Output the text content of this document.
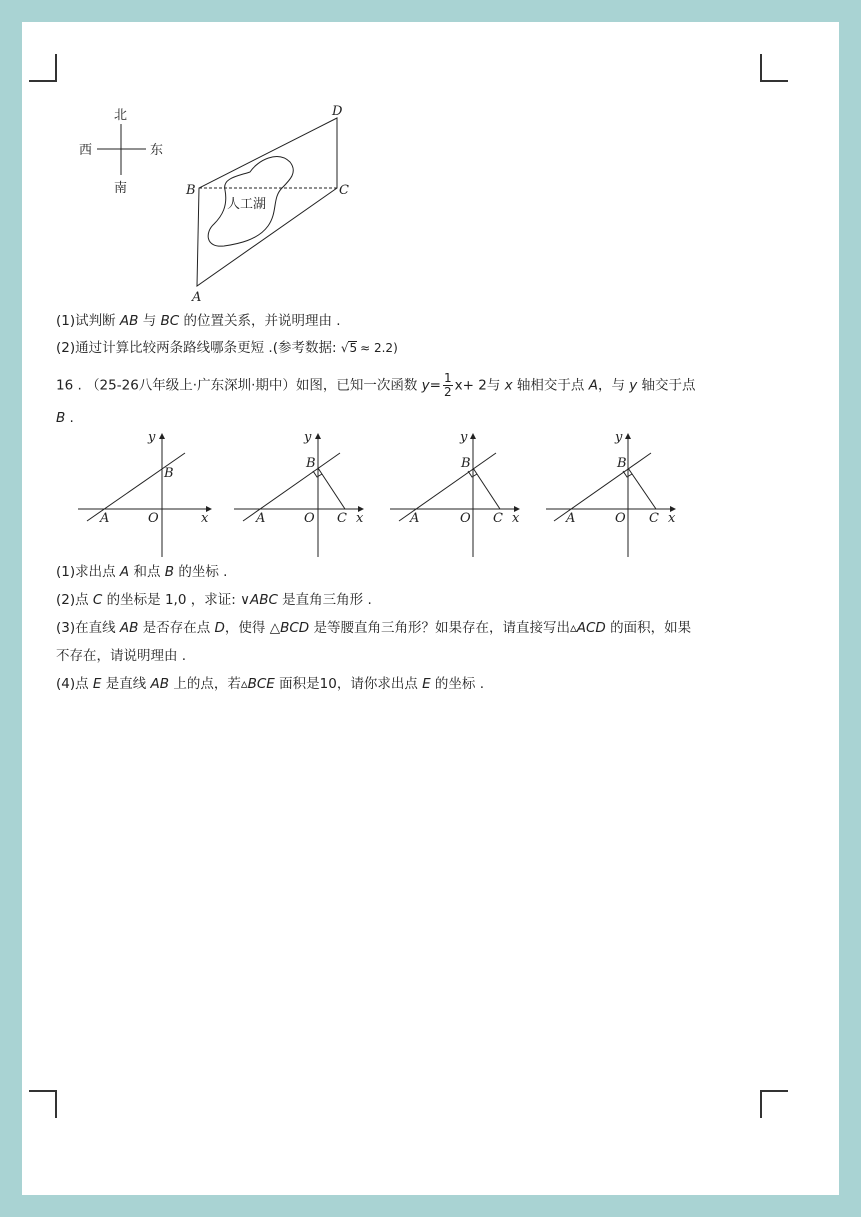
北
南
西	东
人工湖
B	C
D
A
(1)试判断 AB 与 BC 的位置关系，并说明理由 .
(2)通过计算比较两条路线哪条更短 .(参考数据: √5 ≈ 2.2)
16 . （25-26八年级上·广东深圳·期中）如图，已知一次函数 $y= \frac{1}{2} x+ 2$与 x 轴相交于点 A，与 y 轴交于点
B .
y
x
O
A
B
y
x
O
A
B
C
y
x
O
A
B
C
y
x
O
A
B
C
(1)求出点 A 和点 B 的坐标 .
(2)点 C 的坐标是 1,0 ，求证: ∨ABC 是直角三角形 .
(3)在直线 AB 是否存在点 D，使得 △BCD 是等腰直角三角形？如果存在，请直接写出▵ACD 的面积，如果
不存在，请说明理由 .
(4)点 E 是直线 AB 上的点，若▵BCE 面积是10，请你求出点 E 的坐标 .
